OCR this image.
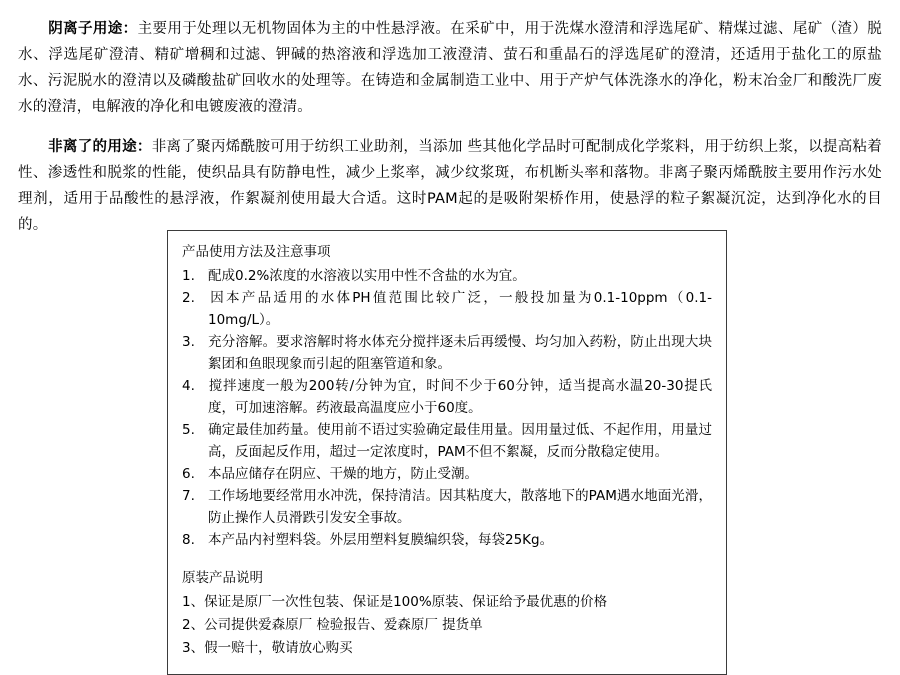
阴离子用途：主要用于处理以无机物固体为主的中性悬浮液。在采矿中，用于洗煤水澄清和浮选尾矿、精煤过滤、尾矿（渣）脱水、浮选尾矿澄清、精矿增稠和过滤、钾碱的热溶液和浮选加工液澄清、萤石和重晶石的浮选尾矿的澄清，还适用于盐化工的原盐水、污泥脱水的澄清以及磷酸盐矿回收水的处理等。在铸造和金属制造工业中、用于产炉气体洗涤水的净化，粉末冶金厂和酸洗厂废水的澄清，电解液的净化和电镀废液的澄清。

非离了的用途：非离了聚丙烯酰胺可用于纺织工业助剂，当添加 些其他化学品时可配制成化学浆料，用于纺织上浆，以提高粘着性、渗透性和脱浆的性能，使织品具有防静电性，减少上浆率，减少纹浆斑，布机断头率和落物。非离子聚丙烯酰胺主要用作污水处理剂，适用于品酸性的悬浮液，作絮凝剂使用最大合适。这时PAM起的是吸附架桥作用，使悬浮的粒子絮凝沉淀，达到净化水的目的。

产品使用方法及注意事项

1. 配成0.2%浓度的水溶液以实用中性不含盐的水为宜。
2. 因本产品适用的水体PH值范围比较广泛，一般投加量为0.1-10ppm（0.1-10mg/L）。
3. 充分溶解。要求溶解时将水体充分搅拌逐未后再缓慢、均匀加入药粉，防止出现大块絮团和鱼眼现象而引起的阻塞管道和象。
4. 搅拌速度一般为200转/分钟为宜，时间不少于60分钟，适当提高水温20-30提氏度，可加速溶解。药液最高温度应小于60度。
5. 确定最佳加药量。使用前不语过实验确定最佳用量。因用量过低、不起作用，用量过高，反面起反作用，超过一定浓度时，PAM不但不絮凝，反而分散稳定使用。
6. 本品应储存在阴应、干燥的地方，防止受潮。
7. 工作场地要经常用水冲洗，保持清洁。因其粘度大，散落地下的PAM遇水地面光滑，防止操作人员滑跌引发安全事故。
8. 本产品内衬塑料袋。外层用塑料复膜编织袋，每袋25Kg。

原装产品说明

1、保证是原厂一次性包装、保证是100%原装、保证给予最优惠的价格
2、公司提供爱森原厂 检验报告、爱森原厂 提货单
3、假一赔十，敬请放心购买
